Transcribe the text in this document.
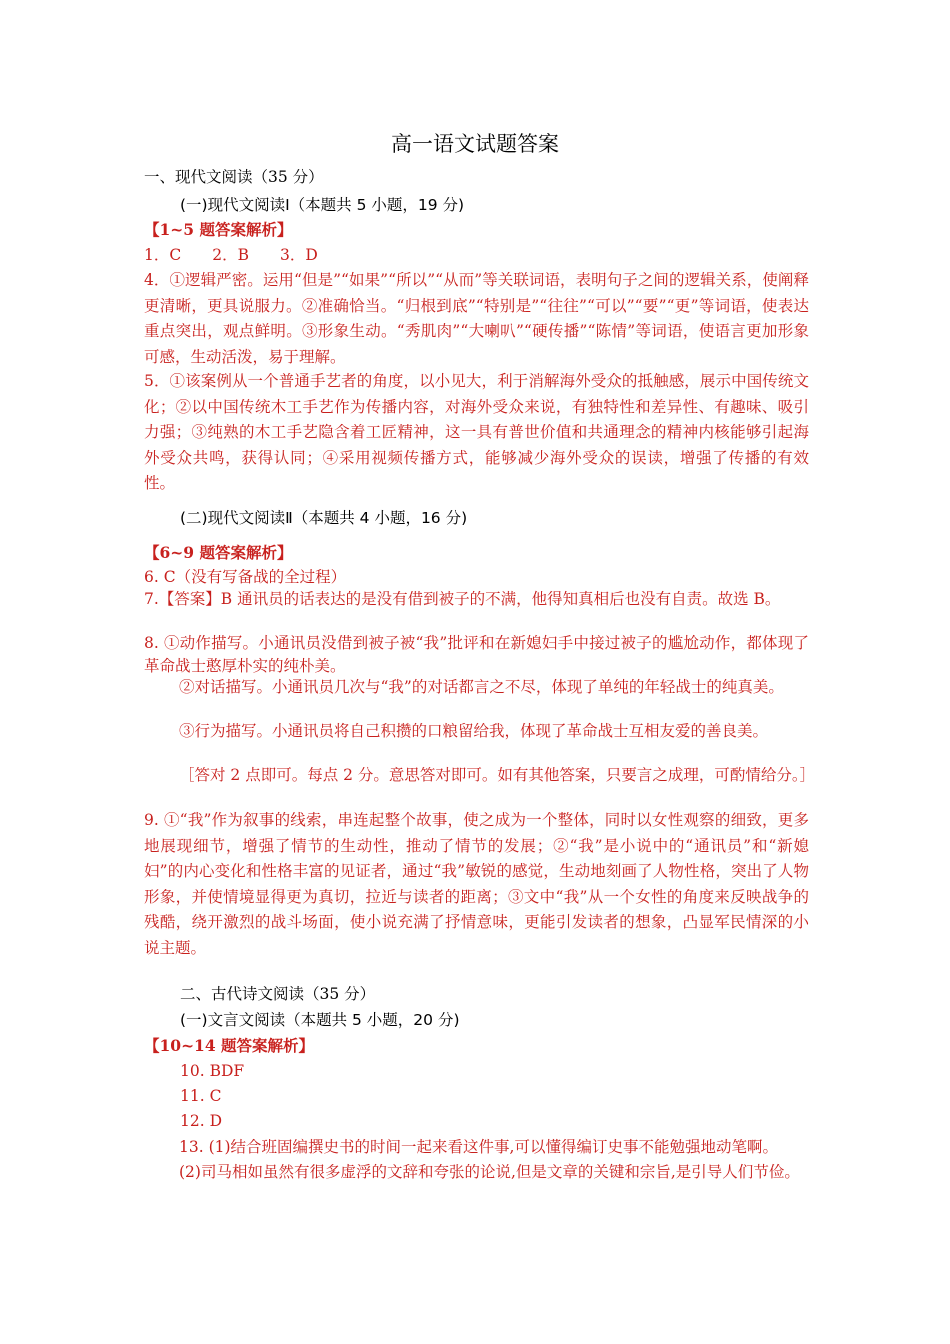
高一语文试题答案
一、现代文阅读（35 分）
(一)现代文阅读Ⅰ（本题共 5 小题，19 分)
【1~5 题答案解析】
1．C　　2．B　　3．D
4．①逻辑严密。运用“但是”“如果”“所以”“从而”等关联词语，表明句子之间的逻辑关系，使阐释更清晰，更具说服力。②准确恰当。“归根到底”“特别是”“往往”“可以”“要”“更”等词语，使表达重点突出，观点鲜明。③形象生动。“秀肌肉”“大喇叭”“硬传播”“陈情”等词语，使语言更加形象可感，生动活泼，易于理解。
5．①该案例从一个普通手艺者的角度，以小见大，利于消解海外受众的抵触感，展示中国传统文化；②以中国传统木工手艺作为传播内容，对海外受众来说，有独特性和差异性、有趣味、吸引力强；③纯熟的木工手艺隐含着工匠精神，这一具有普世价值和共通理念的精神内核能够引起海外受众共鸣，获得认同；④采用视频传播方式，能够减少海外受众的误读，增强了传播的有效性。
(二)现代文阅读Ⅱ（本题共 4 小题，16 分)
【6~9 题答案解析】
6. C（没有写备战的全过程）
7.【答案】B 通讯员的话表达的是没有借到被子的不满，他得知真相后也没有自责。故选 B。
8. ①动作描写。小通讯员没借到被子被“我”批评和在新媳妇手中接过被子的尴尬动作，都体现了革命战士憨厚朴实的纯朴美。
②对话描写。小通讯员几次与“我”的对话都言之不尽，体现了单纯的年轻战士的纯真美。
③行为描写。小通讯员将自己积攒的口粮留给我，体现了革命战士互相友爱的善良美。
［答对 2 点即可。每点 2 分。意思答对即可。如有其他答案，只要言之成理，可酌情给分。］
9. ①“我”作为叙事的线索，串连起整个故事，使之成为一个整体，同时以女性观察的细致，更多地展现细节，增强了情节的生动性，推动了情节的发展；②“我”是小说中的“通讯员”和“新媳妇”的内心变化和性格丰富的见证者，通过“我”敏锐的感觉，生动地刻画了人物性格，突出了人物形象，并使情境显得更为真切，拉近与读者的距离；③文中“我”从一个女性的角度来反映战争的残酷，绕开激烈的战斗场面，使小说充满了抒情意味，更能引发读者的想象，凸显军民情深的小说主题。
二、古代诗文阅读（35 分）
(一)文言文阅读（本题共 5 小题，20 分)
【10~14 题答案解析】
10. BDF
11. C
12. D
13. (1)结合班固编撰史书的时间一起来看这件事,可以懂得编订史事不能勉强地动笔啊。
(2)司马相如虽然有很多虚浮的文辞和夸张的论说,但是文章的关键和宗旨,是引导人们节俭。
